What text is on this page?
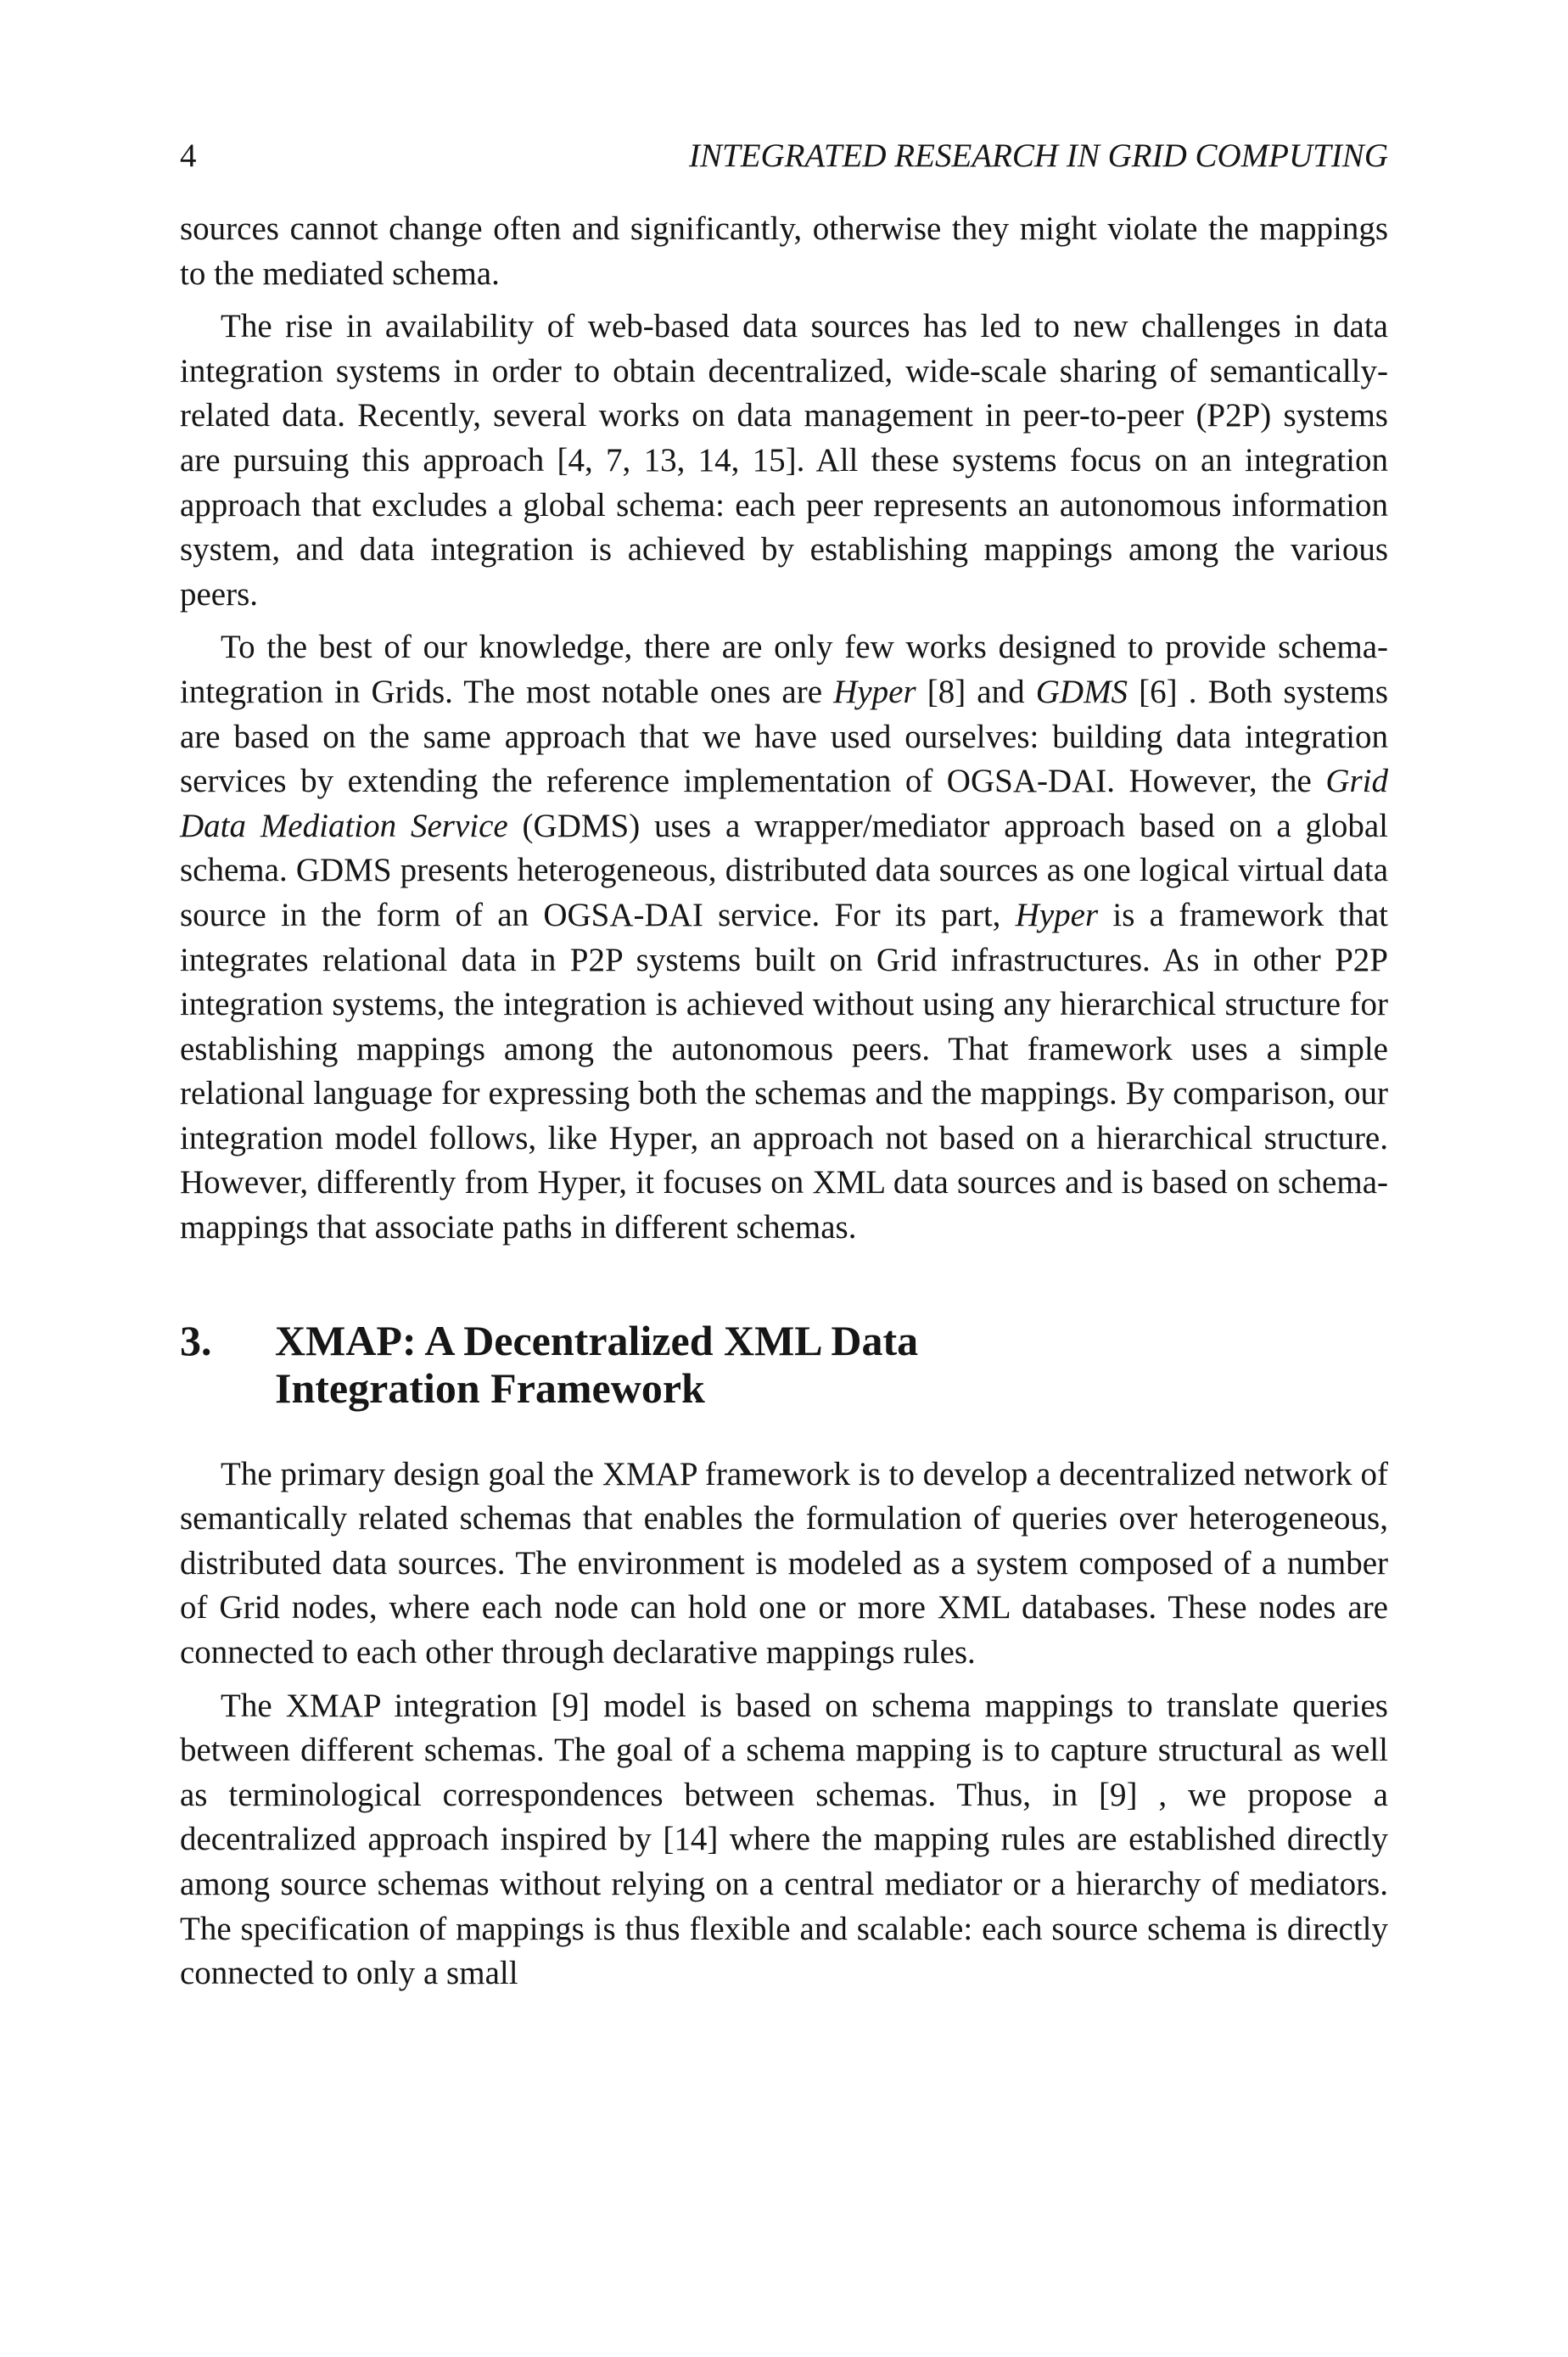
4	INTEGRATED RESEARCH IN GRID COMPUTING

sources cannot change often and significantly, otherwise they might violate the mappings to the mediated schema.

The rise in availability of web-based data sources has led to new challenges in data integration systems in order to obtain decentralized, wide-scale sharing of semantically-related data. Recently, several works on data management in peer-to-peer (P2P) systems are pursuing this approach [4, 7, 13, 14, 15]. All these systems focus on an integration approach that excludes a global schema: each peer represents an autonomous information system, and data integration is achieved by establishing mappings among the various peers.

To the best of our knowledge, there are only few works designed to provide schema-integration in Grids. The most notable ones are Hyper [8] and GDMS [6] . Both systems are based on the same approach that we have used ourselves: building data integration services by extending the reference implementation of OGSA-DAI. However, the Grid Data Mediation Service (GDMS) uses a wrapper/mediator approach based on a global schema. GDMS presents heterogeneous, distributed data sources as one logical virtual data source in the form of an OGSA-DAI service. For its part, Hyper is a framework that integrates relational data in P2P systems built on Grid infrastructures. As in other P2P integration systems, the integration is achieved without using any hierarchical structure for establishing mappings among the autonomous peers. That framework uses a simple relational language for expressing both the schemas and the mappings. By comparison, our integration model follows, like Hyper, an approach not based on a hierarchical structure. However, differently from Hyper, it focuses on XML data sources and is based on schema-mappings that associate paths in different schemas.

3.	XMAP: A Decentralized XML Data Integration Framework

The primary design goal the XMAP framework is to develop a decentralized network of semantically related schemas that enables the formulation of queries over heterogeneous, distributed data sources. The environment is modeled as a system composed of a number of Grid nodes, where each node can hold one or more XML databases. These nodes are connected to each other through declarative mappings rules.

The XMAP integration [9] model is based on schema mappings to translate queries between different schemas. The goal of a schema mapping is to capture structural as well as terminological correspondences between schemas. Thus, in [9] , we propose a decentralized approach inspired by [14] where the mapping rules are established directly among source schemas without relying on a central mediator or a hierarchy of mediators. The specification of mappings is thus flexible and scalable: each source schema is directly connected to only a small
